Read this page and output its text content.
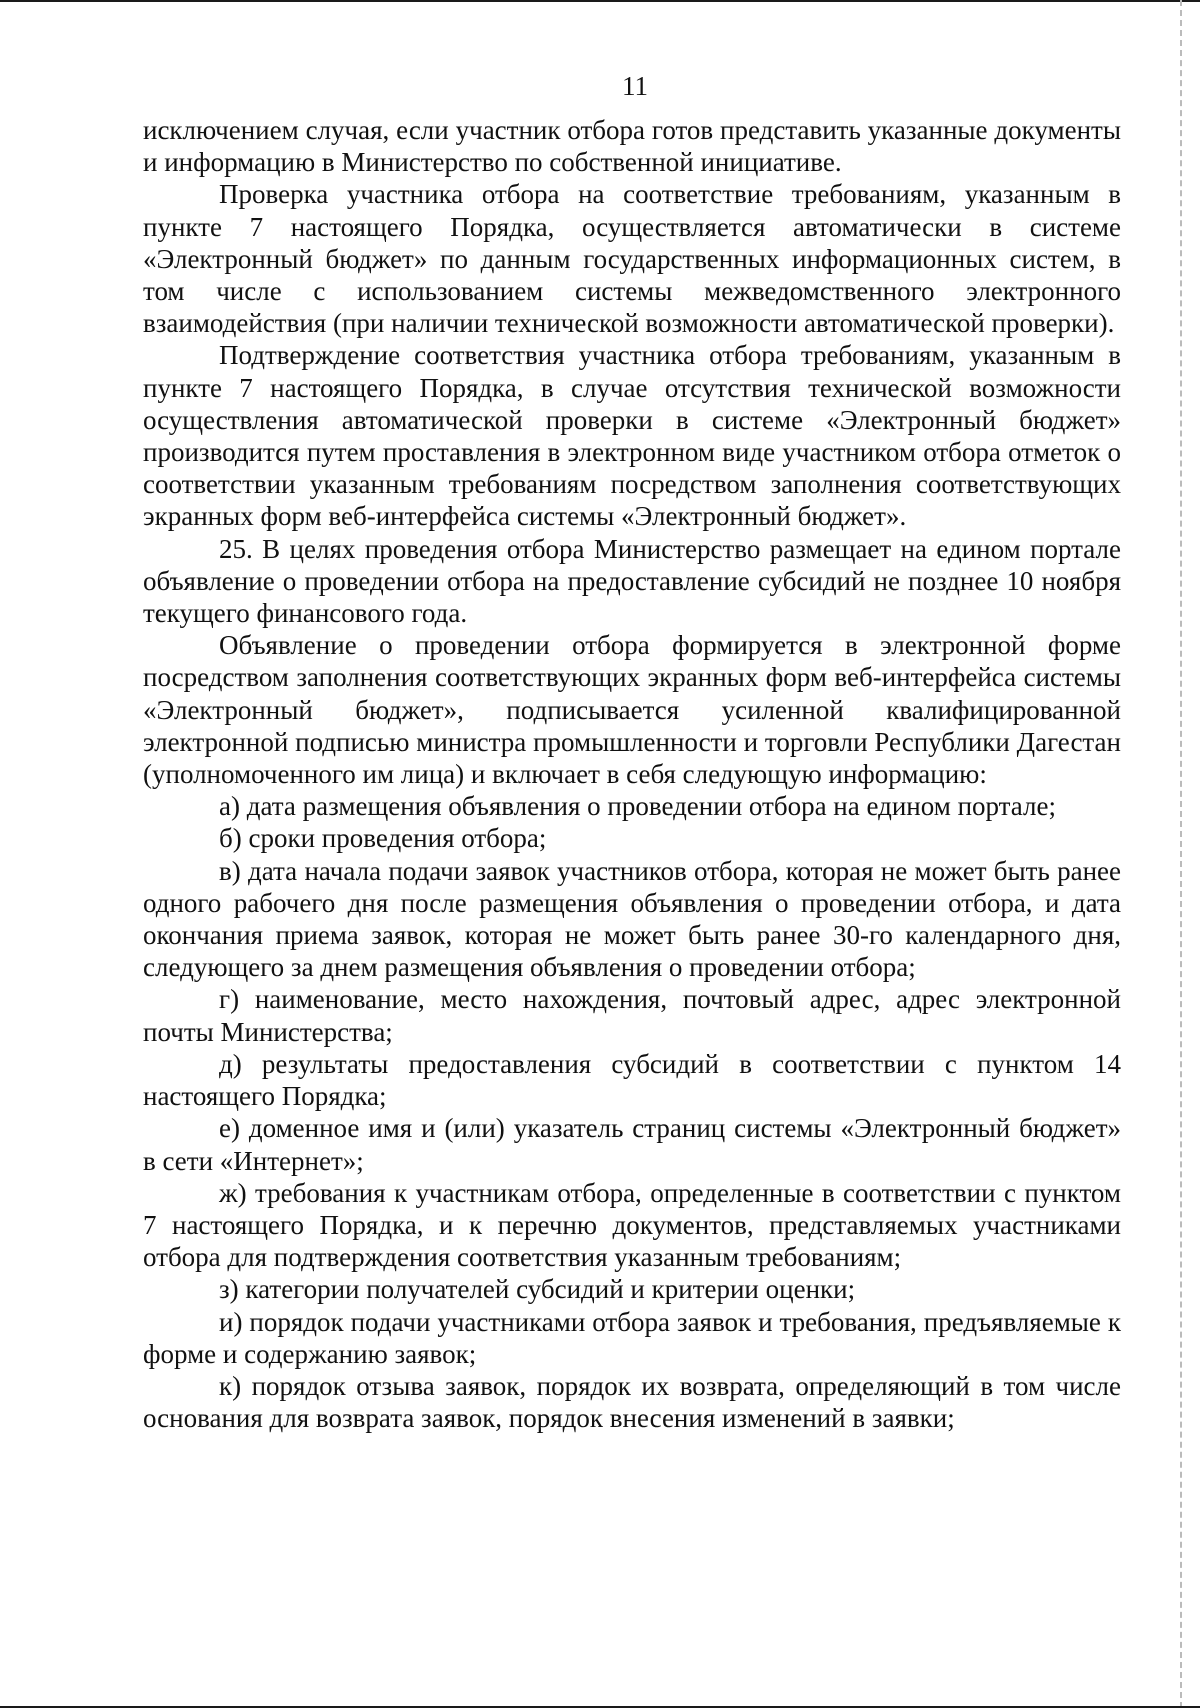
11

исключением случая, если участник отбора готов представить указанные документы и информацию в Министерство по собственной инициативе.

Проверка участника отбора на соответствие требованиям, указанным в пункте 7 настоящего Порядка, осуществляется автоматически в системе «Электронный бюджет» по данным государственных информационных систем, в том числе с использованием системы межведомственного электронного взаимодействия (при наличии технической возможности автоматической проверки).

Подтверждение соответствия участника отбора требованиям, указанным в пункте 7 настоящего Порядка, в случае отсутствия технической возможности осуществления автоматической проверки в системе «Электронный бюджет» производится путем проставления в электронном виде участником отбора отметок о соответствии указанным требованиям посредством заполнения соответствующих экранных форм веб-интерфейса системы «Электронный бюджет».

25. В целях проведения отбора Министерство размещает на едином портале объявление о проведении отбора на предоставление субсидий не позднее 10 ноября текущего финансового года.

Объявление о проведении отбора формируется в электронной форме посредством заполнения соответствующих экранных форм веб-интерфейса системы «Электронный бюджет», подписывается усиленной квалифицированной электронной подписью министра промышленности и торговли Республики Дагестан (уполномоченного им лица) и включает в себя следующую информацию:

а) дата размещения объявления о проведении отбора на едином портале;

б) сроки проведения отбора;

в) дата начала подачи заявок участников отбора, которая не может быть ранее одного рабочего дня после размещения объявления о проведении отбора, и дата окончания приема заявок, которая не может быть ранее 30-го календарного дня, следующего за днем размещения объявления о проведении отбора;

г) наименование, место нахождения, почтовый адрес, адрес электронной почты Министерства;

д) результаты предоставления субсидий в соответствии с пунктом 14 настоящего Порядка;

е) доменное имя и (или) указатель страниц системы «Электронный бюджет» в сети «Интернет»;

ж) требования к участникам отбора, определенные в соответствии с пунктом 7 настоящего Порядка, и к перечню документов, представляемых участниками отбора для подтверждения соответствия указанным требованиям;

з) категории получателей субсидий и критерии оценки;

и) порядок подачи участниками отбора заявок и требования, предъявляемые к форме и содержанию заявок;

к) порядок отзыва заявок, порядок их возврата, определяющий в том числе основания для возврата заявок, порядок внесения изменений в заявки;
